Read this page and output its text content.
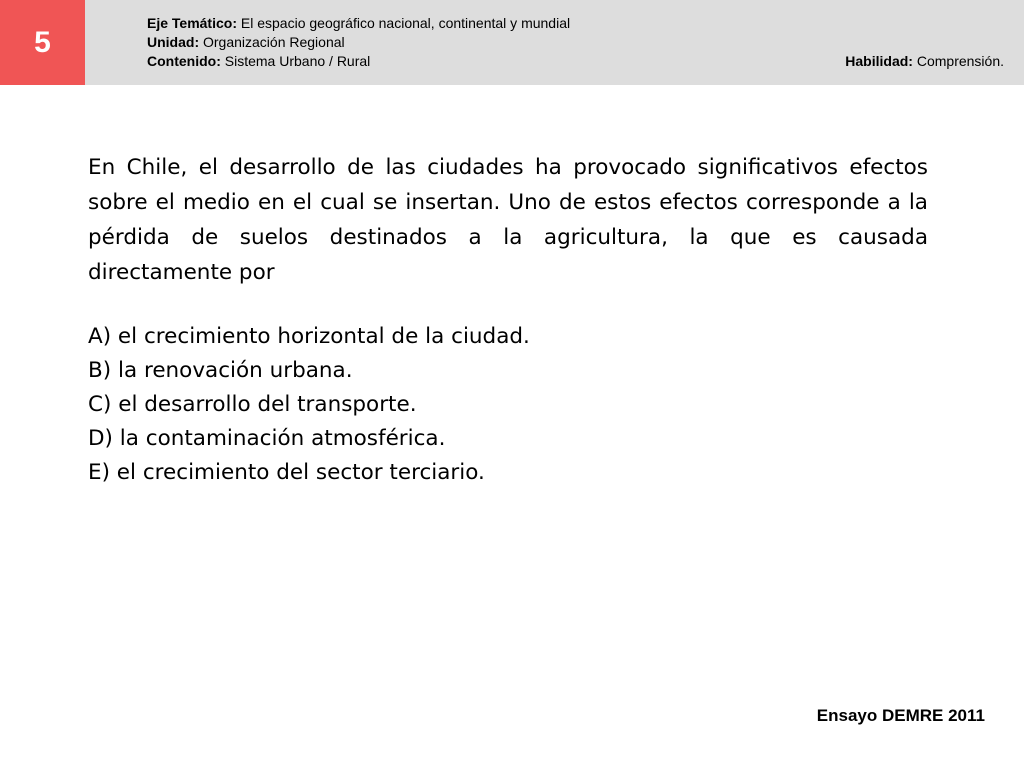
5
Eje Temático: El espacio geográfico nacional, continental y mundial
Unidad: Organización Regional
Contenido: Sistema Urbano / Rural	Habilidad: Comprensión.

En Chile, el desarrollo de las ciudades ha provocado significativos efectos sobre el medio en el cual se insertan. Uno de estos efectos corresponde a la pérdida de suelos destinados a la agricultura, la que es causada directamente por

A) el crecimiento horizontal de la ciudad.
B) la renovación urbana.
C) el desarrollo del transporte.
D) la contaminación atmosférica.
E) el crecimiento del sector terciario.
Ensayo DEMRE 2011
